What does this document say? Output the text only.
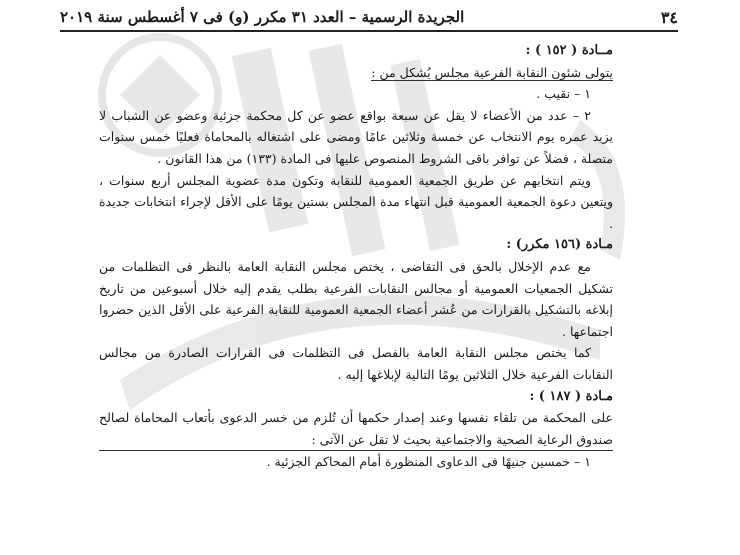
٣٤
الجريدة الرسمية – العدد ٣١ مكرر (و) فى ٧ أغسطس سنة ٢٠١٩

مــادة ( ١٥٢ ) :

يتولى شئون النقابة الفرعية مجلس يُشكل من :

١ – نقيب .

٢ – عدد من الأعضاء لا يقل عن سبعة بواقع عضو عن كل محكمة جزئية وعضو عن الشباب لا يزيد عمره يوم الانتخاب عن خمسة وثلاثين عامًا ومضى على اشتغاله بالمحاماة فعليًا خمس سنوات متصلة ، فضلاً عن توافر باقى الشروط المنصوص عليها فى المادة (١٣٣) من هذا القانون .

ويتم انتخابهم عن طريق الجمعية العمومية للنقابة وتكون مدة عضوية المجلس أربع سنوات ، ويتعين دعوة الجمعية العمومية قبل انتهاء مدة المجلس بستين يومًا على الأقل لإجراء انتخابات جديدة .

مـادة (١٥٦ مكرر) :

مع عدم الإخلال بالحق فى التقاضى ، يختص مجلس النقابة العامة بالنظر فى التظلمات من تشكيل الجمعيات العمومية أو مجالس النقابات الفرعية بطلب يقدم إليه خلال أسبوعين من تاريخ إبلاغه بالتشكيل بالقرارات من عُشر أعضاء الجمعية العمومية للنقابة الفرعية على الأقل الذين حضروا اجتماعها .

كما يختص مجلس النقابة العامة بالفصل فى التظلمات فى القرارات الصادرة من مجالس النقابات الفرعية خلال الثلاثين يومًا التالية لإبلاغها إليه .

مـادة ( ١٨٧ ) :

على المحكمة من تلقاء نفسها وعند إصدار حكمها أن تُلزم من خسر الدعوى بأتعاب المحاماة لصالح صندوق الرعاية الصحية والاجتماعية بحيث لا تقل عن الآتى :

١ – خمسين جنيهًا فى الدعاوى المنظورة أمام المحاكم الجزئية .
